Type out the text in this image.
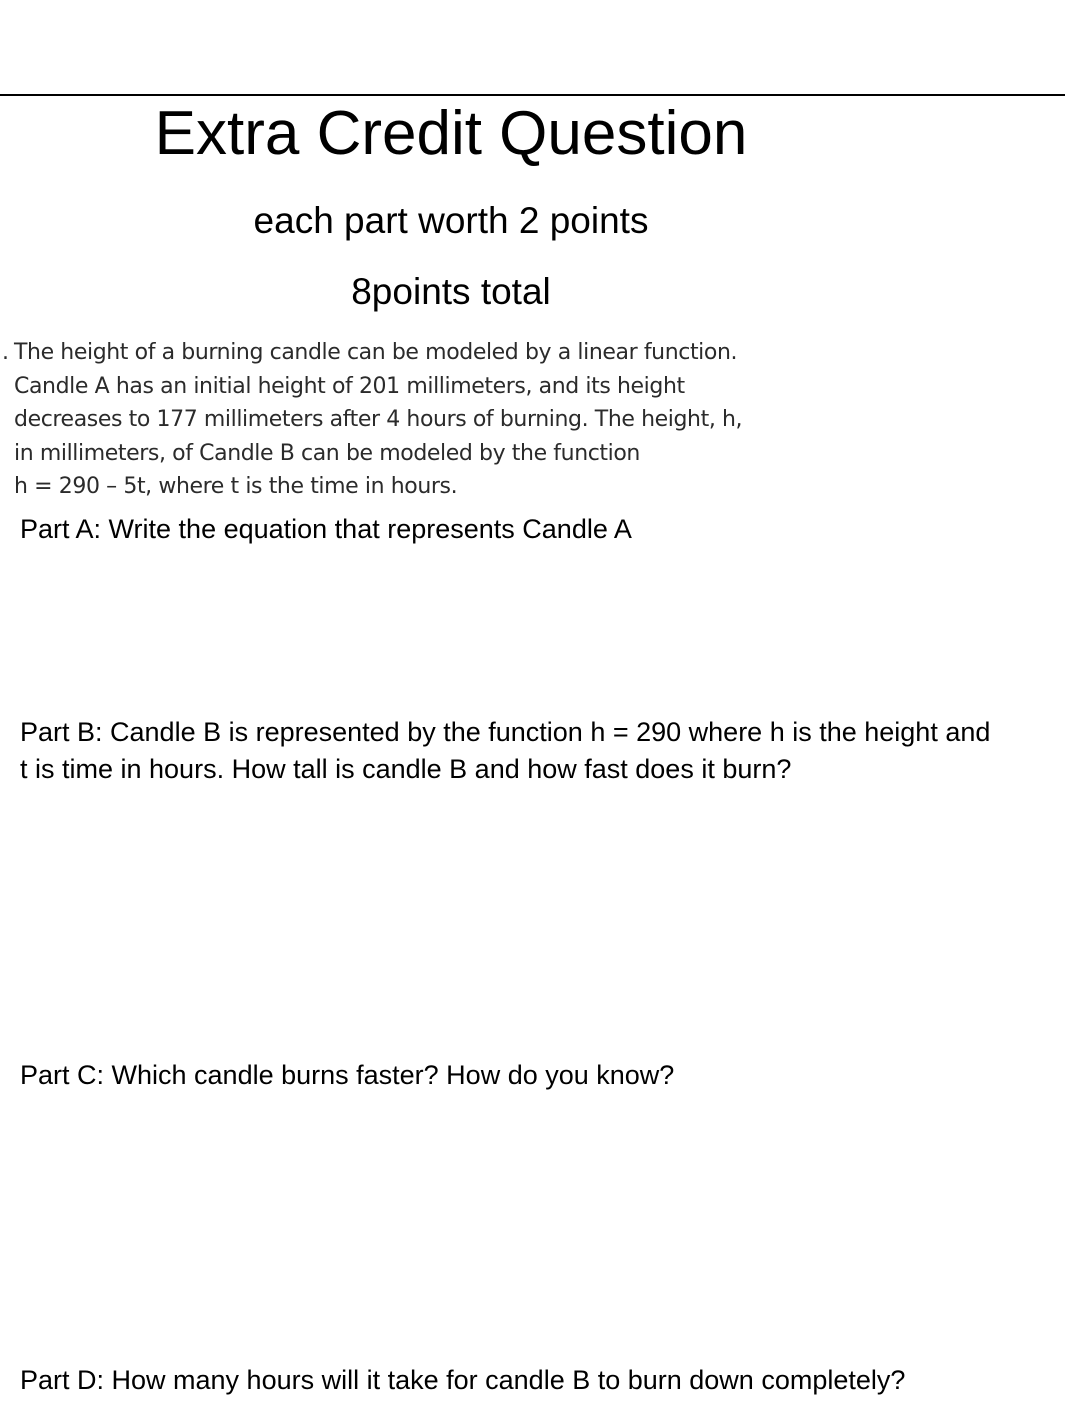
Extra Credit Question
each part worth 2 points
8points total
. The height of a burning candle can be modeled by a linear function.
Candle A has an initial height of 201 millimeters, and its height
decreases to 177 millimeters after 4 hours of burning. The height, h,
in millimeters, of Candle B can be modeled by the function
h = 290 – 5t, where t is the time in hours.
Part A: Write the equation that represents Candle A
Part B: Candle B is represented by the function h = 290 where h is the height and
t is time in hours. How tall is candle B and how fast does it burn?
Part C: Which candle burns faster? How do you know?
Part D: How many hours will it take for candle B to burn down completely?
